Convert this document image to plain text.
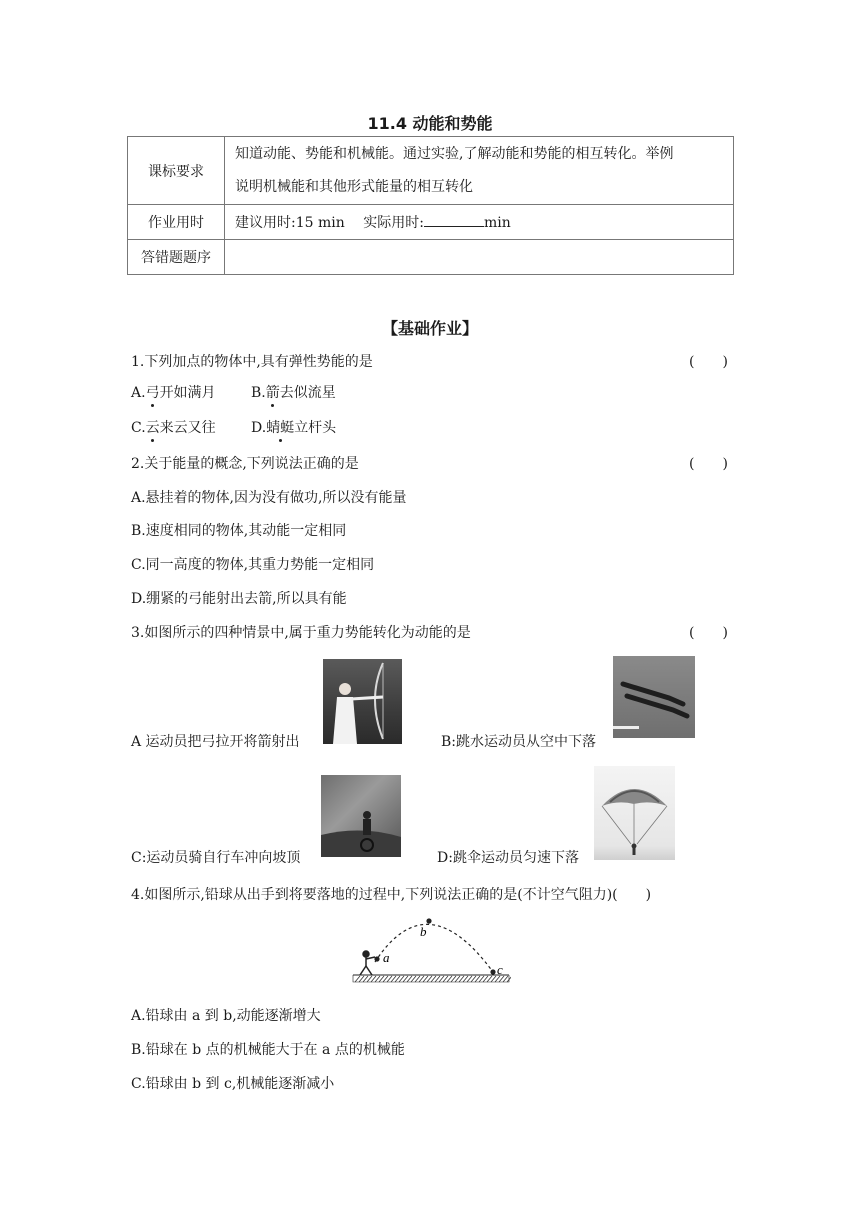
11.4 动能和势能
课标要求	知道动能、势能和机械能。通过实验,了解动能和势能的相互转化。举例
说明机械能和其他形式能量的相互转化

作业用时	建议用时:15 min  实际用时: min
答错题题序	
【基础作业】
1.下列加点的物体中,具有弹性势能的是	(　　)
A.弓开如满月	B.箭去似流星
C.云来云又往	D.蜻蜓立杆头
2.关于能量的概念,下列说法正确的是	(　　)
A.悬挂着的物体,因为没有做功,所以没有能量
B.速度相同的物体,其动能一定相同
C.同一高度的物体,其重力势能一定相同
D.绷紧的弓能射出去箭,所以具有能
3.如图所示的四种情景中,属于重力势能转化为动能的是	(　　)
A 运动员把弓拉开将箭射出	B:跳水运动员从空中下落
C:运动员骑自行车冲向坡顶	D:跳伞运动员匀速下落
4.如图所示,铅球从出手到将要落地的过程中,下列说法正确的是(不计空气阻力)(　　)
a
b
c
A.铅球由 a 到 b,动能逐渐增大
B.铅球在 b 点的机械能大于在 a 点的机械能
C.铅球由 b 到 c,机械能逐渐减小
